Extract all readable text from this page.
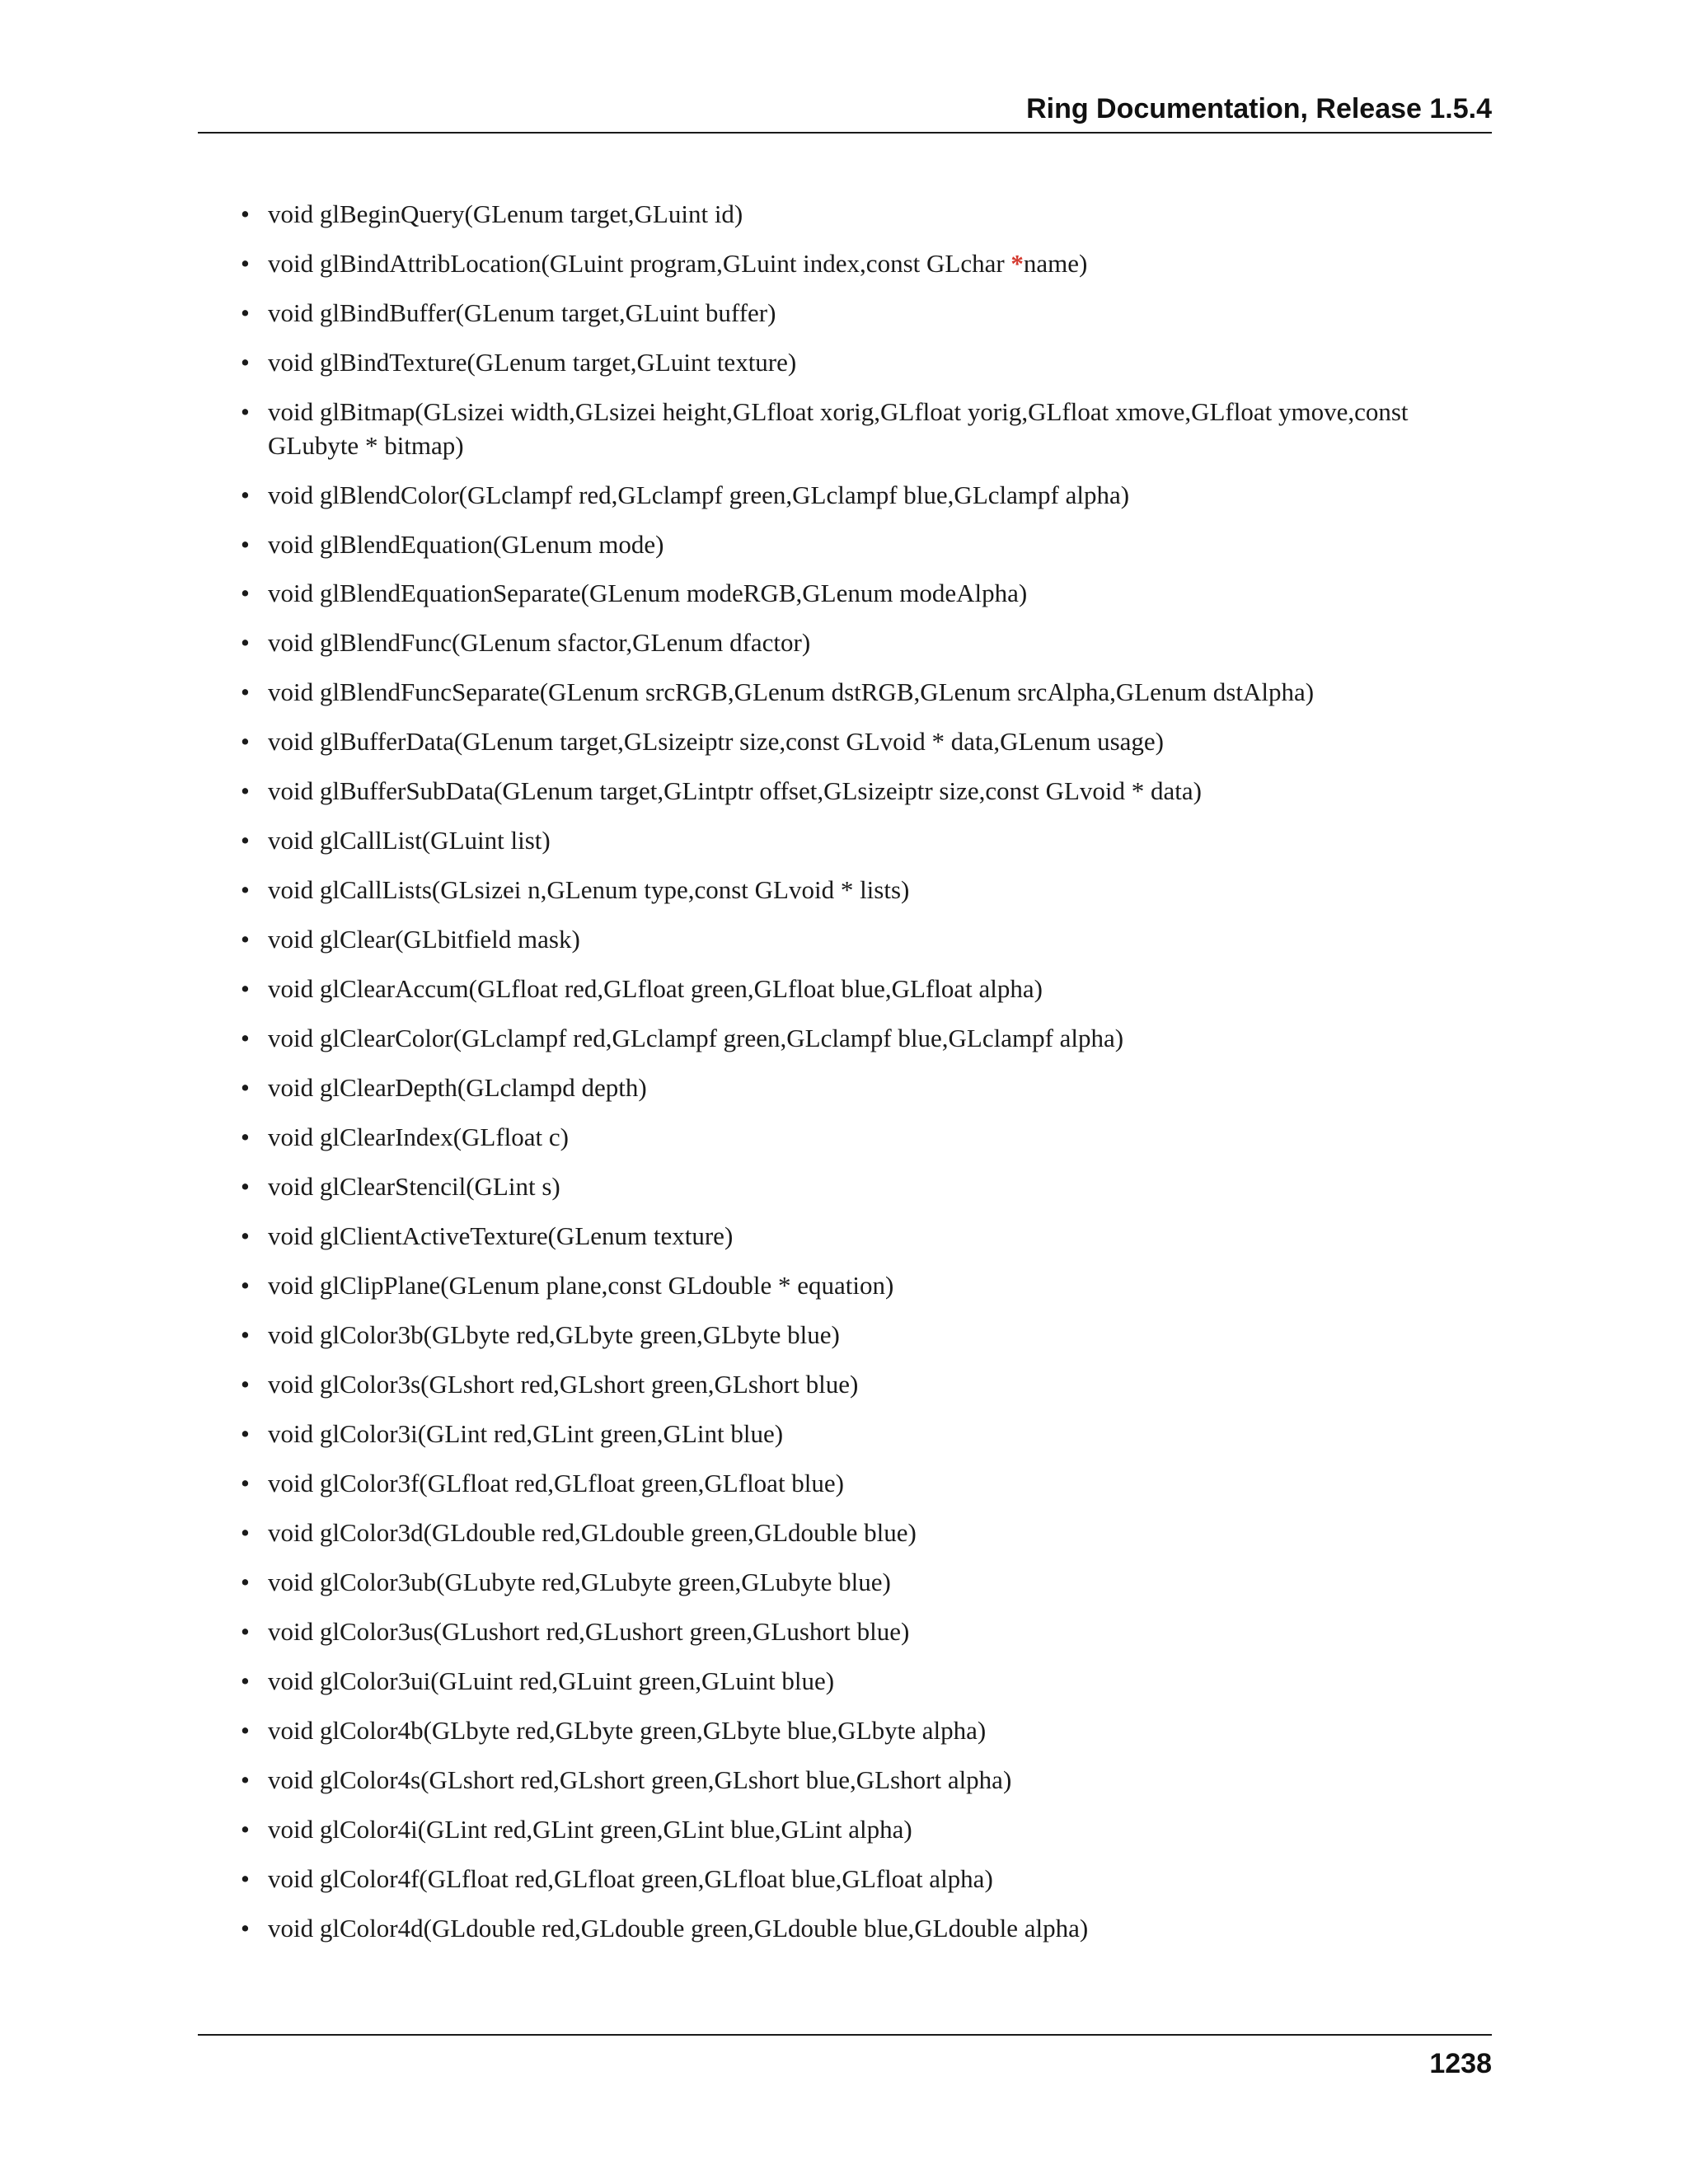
Ring Documentation, Release 1.5.4
• void glBeginQuery(GLenum target,GLuint id)
• void glBindAttribLocation(GLuint program,GLuint index,const GLchar *name)
• void glBindBuffer(GLenum target,GLuint buffer)
• void glBindTexture(GLenum target,GLuint texture)
• void glBitmap(GLsizei width,GLsizei height,GLfloat xorig,GLfloat yorig,GLfloat xmove,GLfloat ymove,const GLubyte * bitmap)
• void glBlendColor(GLclampf red,GLclampf green,GLclampf blue,GLclampf alpha)
• void glBlendEquation(GLenum mode)
• void glBlendEquationSeparate(GLenum modeRGB,GLenum modeAlpha)
• void glBlendFunc(GLenum sfactor,GLenum dfactor)
• void glBlendFuncSeparate(GLenum srcRGB,GLenum dstRGB,GLenum srcAlpha,GLenum dstAlpha)
• void glBufferData(GLenum target,GLsizeiptr size,const GLvoid * data,GLenum usage)
• void glBufferSubData(GLenum target,GLintptr offset,GLsizeiptr size,const GLvoid * data)
• void glCallList(GLuint list)
• void glCallLists(GLsizei n,GLenum type,const GLvoid * lists)
• void glClear(GLbitfield mask)
• void glClearAccum(GLfloat red,GLfloat green,GLfloat blue,GLfloat alpha)
• void glClearColor(GLclampf red,GLclampf green,GLclampf blue,GLclampf alpha)
• void glClearDepth(GLclampd depth)
• void glClearIndex(GLfloat c)
• void glClearStencil(GLint s)
• void glClientActiveTexture(GLenum texture)
• void glClipPlane(GLenum plane,const GLdouble * equation)
• void glColor3b(GLbyte red,GLbyte green,GLbyte blue)
• void glColor3s(GLshort red,GLshort green,GLshort blue)
• void glColor3i(GLint red,GLint green,GLint blue)
• void glColor3f(GLfloat red,GLfloat green,GLfloat blue)
• void glColor3d(GLdouble red,GLdouble green,GLdouble blue)
• void glColor3ub(GLubyte red,GLubyte green,GLubyte blue)
• void glColor3us(GLushort red,GLushort green,GLushort blue)
• void glColor3ui(GLuint red,GLuint green,GLuint blue)
• void glColor4b(GLbyte red,GLbyte green,GLbyte blue,GLbyte alpha)
• void glColor4s(GLshort red,GLshort green,GLshort blue,GLshort alpha)
• void glColor4i(GLint red,GLint green,GLint blue,GLint alpha)
• void glColor4f(GLfloat red,GLfloat green,GLfloat blue,GLfloat alpha)
• void glColor4d(GLdouble red,GLdouble green,GLdouble blue,GLdouble alpha)
1238
